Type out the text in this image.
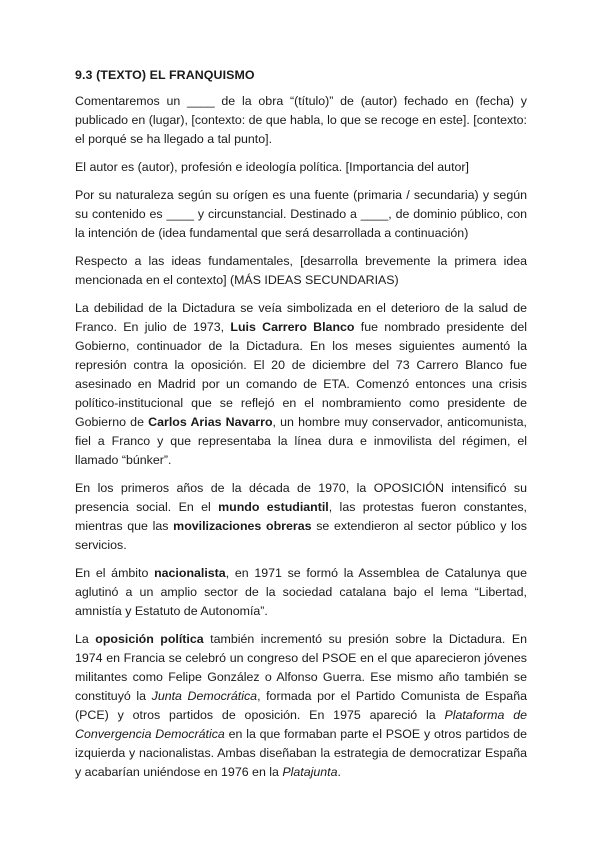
9.3 (TEXTO) EL FRANQUISMO

Comentaremos un ____ de la obra “(título)” de (autor) fechado en (fecha) y publicado en (lugar), [contexto: de que habla, lo que se recoge en este]. [contexto: el porqué se ha llegado a tal punto].

El autor es (autor), profesión e ideología política. [Importancia del autor]

Por su naturaleza según su orígen es una fuente (primaria / secundaria) y según su contenido es ____ y circunstancial. Destinado a ____, de dominio público, con la intención de (idea fundamental que será desarrollada a continuación)

Respecto a las ideas fundamentales, [desarrolla brevemente la primera idea mencionada en el contexto] (MÁS IDEAS SECUNDARIAS)

La debilidad de la Dictadura se veía simbolizada en el deterioro de la salud de Franco. En julio de 1973, Luis Carrero Blanco fue nombrado presidente del Gobierno, continuador de la Dictadura. En los meses siguientes aumentó la represión contra la oposición. El 20 de diciembre del 73 Carrero Blanco fue asesinado en Madrid por un comando de ETA. Comenzó entonces una crisis político-institucional que se reflejó en el nombramiento como presidente de Gobierno de Carlos Arias Navarro, un hombre muy conservador, anticomunista, fiel a Franco y que representaba la línea dura e inmovilista del régimen, el llamado “búnker”.

En los primeros años de la década de 1970, la OPOSICIÓN intensificó su presencia social. En el mundo estudiantil, las protestas fueron constantes, mientras que las movilizaciones obreras se extendieron al sector público y los servicios.

En el ámbito nacionalista, en 1971 se formó la Assemblea de Catalunya que aglutinó a un amplio sector de la sociedad catalana bajo el lema “Libertad, amnistía y Estatuto de Autonomía”.

La oposición política también incrementó su presión sobre la Dictadura. En 1974 en Francia se celebró un congreso del PSOE en el que aparecieron jóvenes militantes como Felipe González o Alfonso Guerra. Ese mismo año también se constituyó la Junta Democrática, formada por el Partido Comunista de España (PCE) y otros partidos de oposición. En 1975 apareció la Plataforma de Convergencia Democrática en la que formaban parte el PSOE y otros partidos de izquierda y nacionalistas. Ambas diseñaban la estrategia de democratizar España y acabarían uniéndose en 1976 en la Platajunta.
